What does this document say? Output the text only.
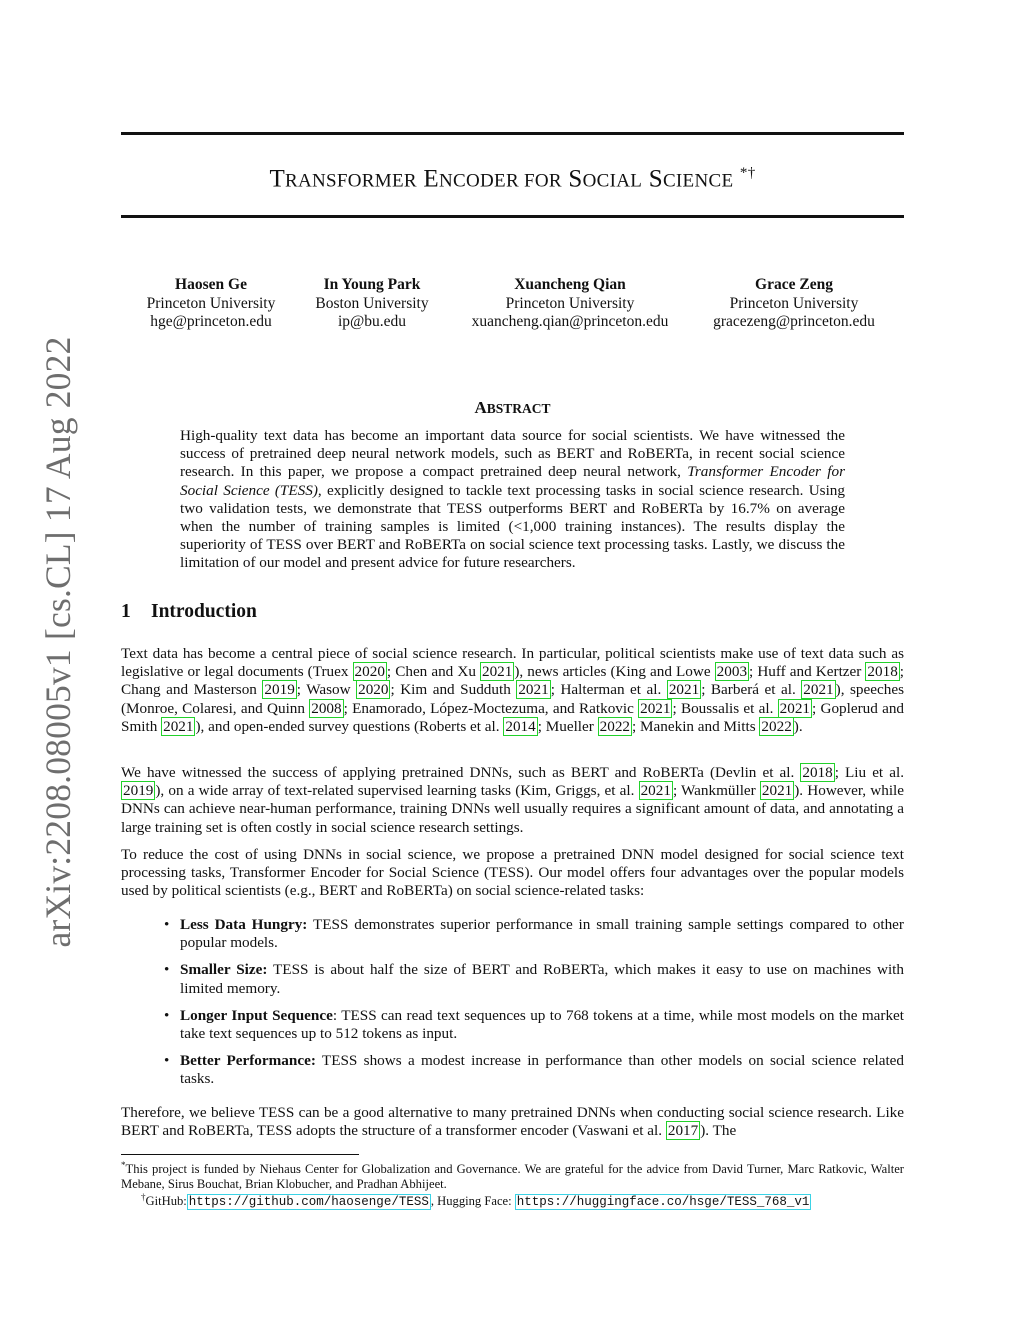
TRANSFORMER ENCODER FOR SOCIAL SCIENCE *†
Haosen Ge
Princeton University
hge@princeton.edu
In Young Park
Boston University
ip@bu.edu
Xuancheng Qian
Princeton University
xuancheng.qian@princeton.edu
Grace Zeng
Princeton University
gracezeng@princeton.edu
arXiv:2208.08005v1 [cs.CL] 17 Aug 2022	ABSTRACT
High-quality text data has become an important data source for social scientists. We have witnessed the success of pretrained deep neural network models, such as BERT and RoBERTa, in recent social science research. In this paper, we propose a compact pretrained deep neural network, Transformer Encoder for Social Science (TESS), explicitly designed to tackle text processing tasks in social science research. Using two validation tests, we demonstrate that TESS outperforms BERT and RoBERTa by 16.7% on average when the number of training samples is limited (<1,000 training instances). The results display the superiority of TESS over BERT and RoBERTa on social science text processing tasks. Lastly, we discuss the limitation of our model and present advice for future researchers.
1 Introduction
Text data has become a central piece of social science research. In particular, political scientists make use of text data such as legislative or legal documents (Truex 2020 ; Chen and Xu 2021 ), news articles (King and Lowe 2003 ; Huff and Kertzer 2018 ; Chang and Masterson 2019 ; Wasow 2020 ; Kim and Sudduth 2021 ; Halterman et al. 2021 ; Barberá et al. 2021 ), speeches (Monroe, Colaresi, and Quinn 2008 ; Enamorado, López-Moctezuma, and Ratkovic 2021 ; Boussalis et al. 2021 ; Goplerud and Smith 2021 ), and open-ended survey questions (Roberts et al. 2014 ; Mueller 2022 ; Manekin and Mitts 2022 ).
We have witnessed the success of applying pretrained DNNs, such as BERT and RoBERTa (Devlin et al. 2018 ; Liu et al. 2019 ), on a wide array of text-related supervised learning tasks (Kim, Griggs, et al. 2021 ; Wankmüller 2021 ). However, while DNNs can achieve near-human performance, training DNNs well usually requires a significant amount of data, and annotating a large training set is often costly in social science research settings.
To reduce the cost of using DNNs in social science, we propose a pretrained DNN model designed for social science text processing tasks, Transformer Encoder for Social Science (TESS). Our model offers four advantages over the popular models used by political scientists (e.g., BERT and RoBERTa) on social science-related tasks:
• Less Data Hungry: TESS demonstrates superior performance in small training sample settings compared to other popular models.
• Smaller Size: TESS is about half the size of BERT and RoBERTa, which makes it easy to use on machines with limited memory.
• Longer Input Sequence: TESS can read text sequences up to 768 tokens at a time, while most models on the market take text sequences up to 512 tokens as input.
• Better Performance: TESS shows a modest increase in performance than other models on social science related tasks.
Therefore, we believe TESS can be a good alternative to many pretrained DNNs when conducting social science research. Like BERT and RoBERTa, TESS adopts the structure of a transformer encoder (Vaswani et al. 2017 ). The
*This project is funded by Niehaus Center for Globalization and Governance. We are grateful for the advice from David Turner, Marc Ratkovic, Walter Mebane, Sirus Bouchat, Brian Klobucher, and Pradhan Abhijeet.
†GitHub: https://github.com/haosenge/TESS , Hugging Face: https://huggingface.co/hsge/TESS_768_v1
